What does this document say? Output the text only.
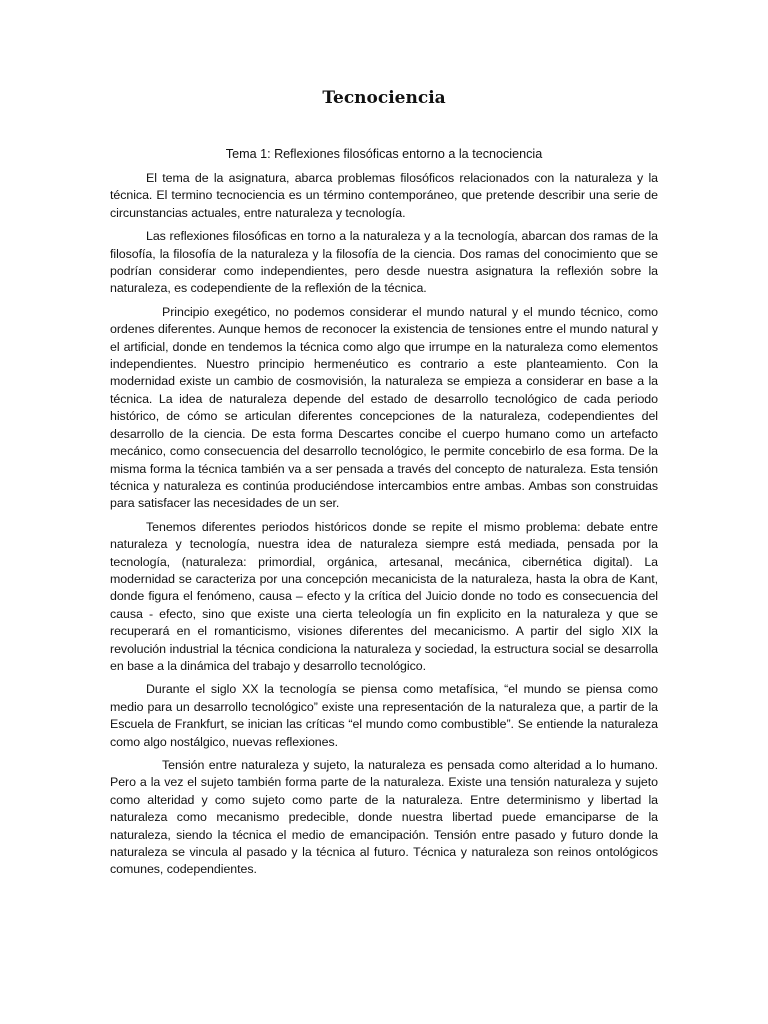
Tecnociencia

Tema 1: Reflexiones filosóficas entorno a la tecnociencia

El tema de la asignatura, abarca problemas filosóficos relacionados con la naturaleza y la técnica. El termino tecnociencia es un término contemporáneo, que pretende describir una serie de circunstancias actuales, entre naturaleza y tecnología.

Las reflexiones filosóficas en torno a la naturaleza y a la tecnología, abarcan dos ramas de la filosofía, la filosofía de la naturaleza y la filosofía de la ciencia. Dos ramas del conocimiento que se podrían considerar como independientes, pero desde nuestra asignatura la reflexión sobre la naturaleza, es codependiente de la reflexión de la técnica.

Principio exegético, no podemos considerar el mundo natural y el mundo técnico, como ordenes diferentes. Aunque hemos de reconocer la existencia de tensiones entre el mundo natural y el artificial, donde en tendemos la técnica como algo que irrumpe en la naturaleza como elementos independientes. Nuestro principio hermenéutico es contrario a este planteamiento. Con la modernidad existe un cambio de cosmovisión, la naturaleza se empieza a considerar en base a la técnica. La idea de naturaleza depende del estado de desarrollo tecnológico de cada periodo histórico, de cómo se articulan diferentes concepciones de la naturaleza, codependientes del desarrollo de la ciencia. De esta forma Descartes concibe el cuerpo humano como un artefacto mecánico, como consecuencia del desarrollo tecnológico, le permite concebirlo de esa forma. De la misma forma la técnica también va a ser pensada a través del concepto de naturaleza. Esta tensión técnica y naturaleza es continúa produciéndose intercambios entre ambas. Ambas son construidas para satisfacer las necesidades de un ser.

Tenemos diferentes periodos históricos donde se repite el mismo problema: debate entre naturaleza y tecnología, nuestra idea de naturaleza siempre está mediada, pensada por la tecnología, (naturaleza: primordial, orgánica, artesanal, mecánica, cibernética digital). La modernidad se caracteriza por una concepción mecanicista de la naturaleza, hasta la obra de Kant, donde figura el fenómeno, causa – efecto y la crítica del Juicio donde no todo es consecuencia del causa - efecto, sino que existe una cierta teleología un fin explicito en la naturaleza y que se recuperará en el romanticismo, visiones diferentes del mecanicismo. A partir del siglo XIX la revolución industrial la técnica condiciona la naturaleza y sociedad, la estructura social se desarrolla en base a la dinámica del trabajo y desarrollo tecnológico.

Durante el siglo XX la tecnología se piensa como metafísica, “el mundo se piensa como medio para un desarrollo tecnológico” existe una representación de la naturaleza que, a partir de la Escuela de Frankfurt, se inician las críticas “el mundo como combustible”. Se entiende la naturaleza como algo nostálgico, nuevas reflexiones.

Tensión entre naturaleza y sujeto, la naturaleza es pensada como alteridad a lo humano. Pero a la vez el sujeto también forma parte de la naturaleza. Existe una tensión naturaleza y sujeto como alteridad y como sujeto como parte de la naturaleza. Entre determinismo y libertad la naturaleza como mecanismo predecible, donde nuestra libertad puede emanciparse de la naturaleza, siendo la técnica el medio de emancipación. Tensión entre pasado y futuro donde la naturaleza se vincula al pasado y la técnica al futuro. Técnica y naturaleza son reinos ontológicos comunes, codependientes.
